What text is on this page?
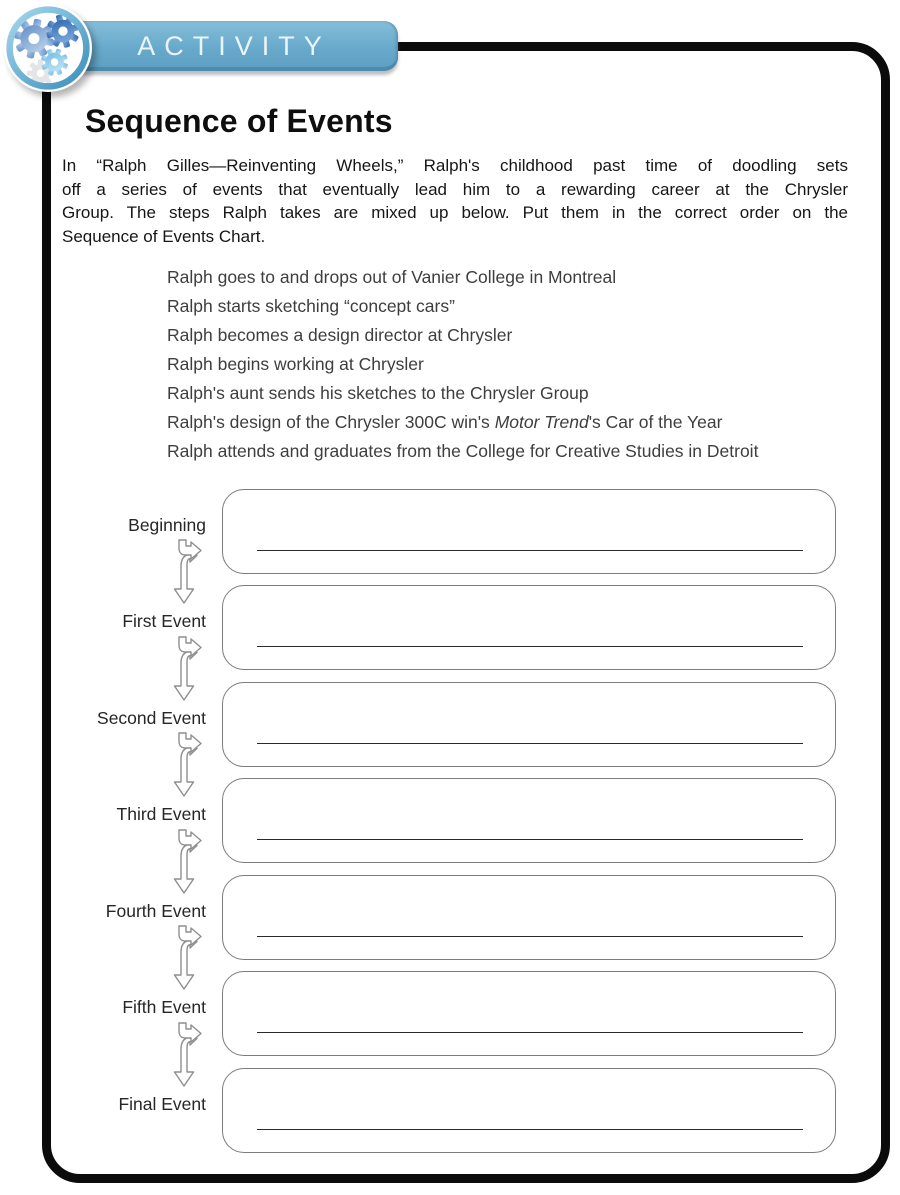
ACTIVITY
Sequence of Events
In “Ralph Gilles—Reinventing Wheels,” Ralph's childhood past time of doodling sets
off a series of events that eventually lead him to a rewarding career at the Chrysler
Group. The steps Ralph takes are mixed up below. Put them in the correct order on the
Sequence of Events Chart.
Ralph goes to and drops out of Vanier College in Montreal
Ralph starts sketching “concept cars”
Ralph becomes a design director at Chrysler
Ralph begins working at Chrysler
Ralph's aunt sends his sketches to the Chrysler Group
Ralph's design of the Chrysler 300C win's Motor Trend's Car of the Year
Ralph attends and graduates from the College for Creative Studies in Detroit
Beginning
First Event
Second Event
Third Event
Fourth Event
Fifth Event
Final Event
